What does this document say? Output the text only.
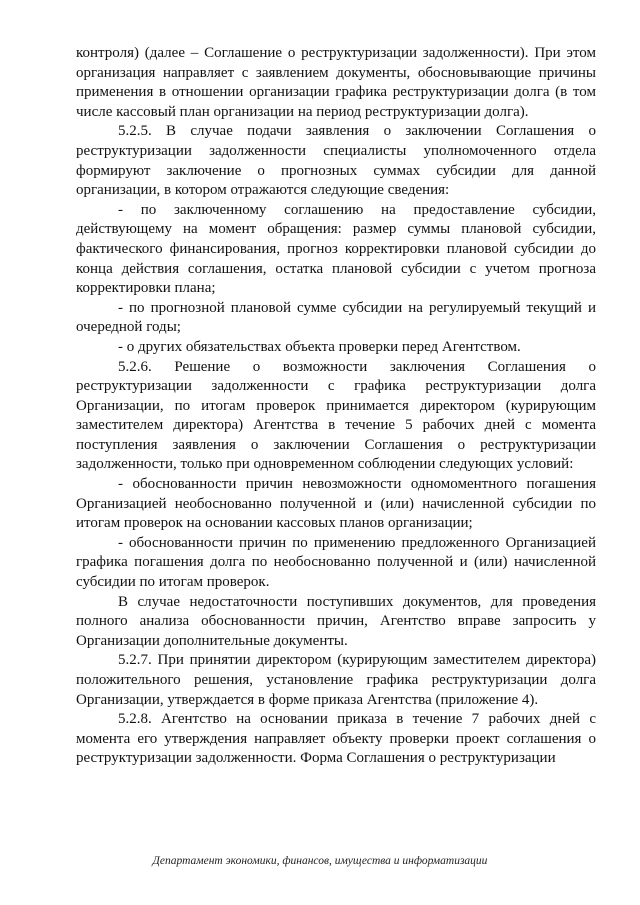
контроля) (далее – Соглашение о реструктуризации задолженности). При этом организация направляет с заявлением документы, обосновывающие причины применения в отношении организации графика реструктуризации долга (в том числе кассовый план организации на период реструктуризации долга).

5.2.5. В случае подачи заявления о заключении Соглашения о реструктуризации задолженности специалисты уполномоченного отдела формируют заключение о прогнозных суммах субсидии для данной организации, в котором отражаются следующие сведения:

- по заключенному соглашению на предоставление субсидии, действующему на момент обращения: размер суммы плановой субсидии, фактического финансирования, прогноз корректировки плановой субсидии до конца действия соглашения, остатка плановой субсидии с учетом прогноза корректировки плана;

- по прогнозной плановой сумме субсидии на регулируемый текущий и очередной годы;

- о других обязательствах объекта проверки перед Агентством.

5.2.6. Решение о возможности заключения Соглашения о реструктуризации задолженности с графика реструктуризации долга Организации, по итогам проверок принимается директором (курирующим заместителем директора) Агентства в течение 5 рабочих дней с момента поступления заявления о заключении Соглашения о реструктуризации задолженности, только при одновременном соблюдении следующих условий:

- обоснованности причин невозможности одномоментного погашения Организацией необоснованно полученной и (или) начисленной субсидии по итогам проверок на основании кассовых планов организации;

- обоснованности причин по применению предложенного Организацией графика погашения долга по необоснованно полученной и (или) начисленной субсидии по итогам проверок.

В случае недостаточности поступивших документов, для проведения полного анализа обоснованности причин, Агентство вправе запросить у Организации дополнительные документы.

5.2.7. При принятии директором (курирующим заместителем директора) положительного решения, установление графика реструктуризации долга Организации, утверждается в форме приказа Агентства (приложение 4).

5.2.8. Агентство на основании приказа в течение 7 рабочих дней с момента его утверждения направляет объекту проверки проект соглашения о реструктуризации задолженности. Форма Соглашения о реструктуризации

Департамент экономики, финансов, имущества и информатизации
